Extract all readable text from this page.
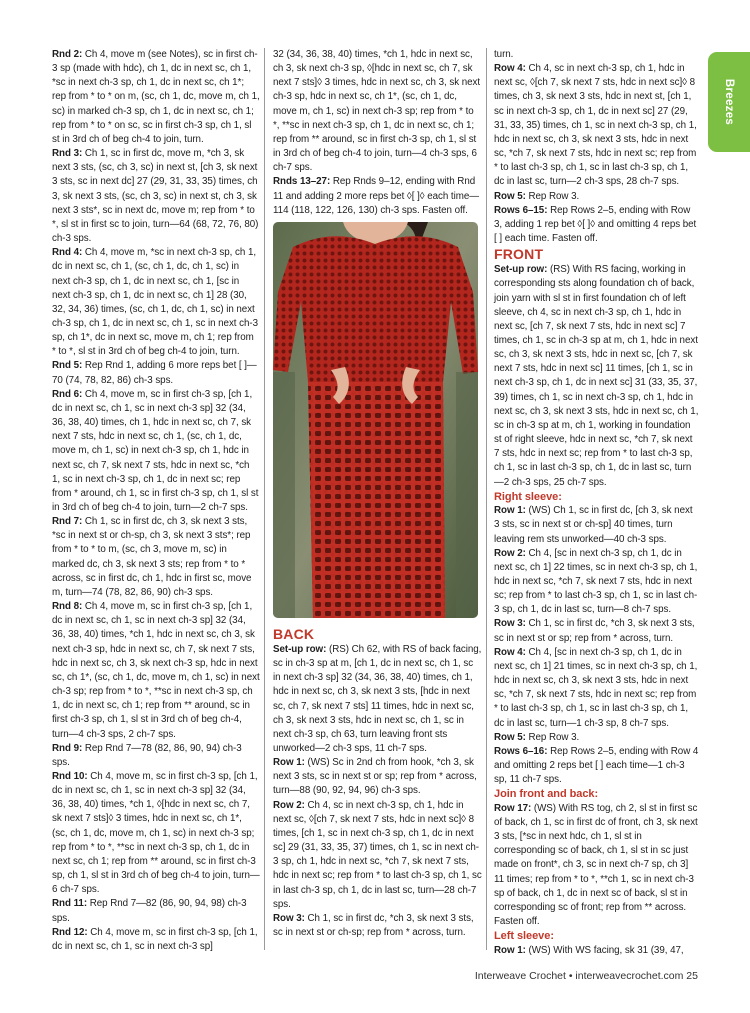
Breezes

Rnd 2: Ch 4, move m (see Notes), sc in first ch-3 sp (made with hdc), ch 1, dc in next sc, ch 1, *sc in next ch-3 sp, ch 1, dc in next sc, ch 1*; rep from * to * on m, (sc, ch 1, dc, move m, ch 1, sc) in marked ch-3 sp, ch 1, dc in next sc, ch 1; rep from * to * on sc, sc in first ch-3 sp, ch 1, sl st in 3rd ch of beg ch-4 to join, turn.

Rnd 3: Ch 1, sc in first dc, move m, *ch 3, sk next 3 sts, (sc, ch 3, sc) in next st, [ch 3, sk next 3 sts, sc in next dc] 27 (29, 31, 33, 35) times, ch 3, sk next 3 sts, (sc, ch 3, sc) in next st, ch 3, sk next 3 sts*, sc in next dc, move m; rep from * to *, sl st in first sc to join, turn—64 (68, 72, 76, 80) ch-3 sps.

Rnd 4: Ch 4, move m, *sc in next ch-3 sp, ch 1, dc in next sc, ch 1, (sc, ch 1, dc, ch 1, sc) in next ch-3 sp, ch 1, dc in next sc, ch 1, [sc in next ch-3 sp, ch 1, dc in next sc, ch 1] 28 (30, 32, 34, 36) times, (sc, ch 1, dc, ch 1, sc) in next ch-3 sp, ch 1, dc in next sc, ch 1, sc in next ch-3 sp, ch 1*, dc in next sc, move m, ch 1; rep from * to *, sl st in 3rd ch of beg ch-4 to join, turn.

Rnd 5: Rep Rnd 1, adding 6 more reps bet [ ]—70 (74, 78, 82, 86) ch-3 sps.

Rnd 6: Ch 4, move m, sc in first ch-3 sp, [ch 1, dc in next sc, ch 1, sc in next ch-3 sp] 32 (34, 36, 38, 40) times, ch 1, hdc in next sc, ch 7, sk next 7 sts, hdc in next sc, ch 1, (sc, ch 1, dc, move m, ch 1, sc) in next ch-3 sp, ch 1, hdc in next sc, ch 7, sk next 7 sts, hdc in next sc, *ch 1, sc in next ch-3 sp, ch 1, dc in next sc; rep from * around, ch 1, sc in first ch-3 sp, ch 1, sl st in 3rd ch of beg ch-4 to join, turn—2 ch-7 sps.

Rnd 7: Ch 1, sc in first dc, ch 3, sk next 3 sts, *sc in next st or ch-sp, ch 3, sk next 3 sts*; rep from * to * to m, (sc, ch 3, move m, sc) in marked dc, ch 3, sk next 3 sts; rep from * to * across, sc in first dc, ch 1, hdc in first sc, move m, turn—74 (78, 82, 86, 90) ch-3 sps.

Rnd 8: Ch 4, move m, sc in first ch-3 sp, [ch 1, dc in next sc, ch 1, sc in next ch-3 sp] 32 (34, 36, 38, 40) times, *ch 1, hdc in next sc, ch 3, sk next ch-3 sp, hdc in next sc, ch 7, sk next 7 sts, hdc in next sc, ch 3, sk next ch-3 sp, hdc in next sc, ch 1*, (sc, ch 1, dc, move m, ch 1, sc) in next ch-3 sp; rep from * to *, **sc in next ch-3 sp, ch 1, dc in next sc, ch 1; rep from ** around, sc in first ch-3 sp, ch 1, sl st in 3rd ch of beg ch-4, turn—4 ch-3 sps, 2 ch-7 sps.

Rnd 9: Rep Rnd 7—78 (82, 86, 90, 94) ch-3 sps.

Rnd 10: Ch 4, move m, sc in first ch-3 sp, [ch 1, dc in next sc, ch 1, sc in next ch-3 sp] 32 (34, 36, 38, 40) times, *ch 1, ◊[hdc in next sc, ch 7, sk next 7 sts]◊ 3 times, hdc in next sc, ch 1*, (sc, ch 1, dc, move m, ch 1, sc) in next ch-3 sp; rep from * to *, **sc in next ch-3 sp, ch 1, dc in next sc, ch 1; rep from ** around, sc in first ch-3 sp, ch 1, sl st in 3rd ch of beg ch-4 to join, turn—6 ch-7 sps.

Rnd 11: Rep Rnd 7—82 (86, 90, 94, 98) ch-3 sps.

Rnd 12: Ch 4, move m, sc in first ch-3 sp, [ch 1, dc in next sc, ch 1, sc in next ch-3 sp]

32 (34, 36, 38, 40) times, *ch 1, hdc in next sc, ch 3, sk next ch-3 sp, ◊[hdc in next sc, ch 7, sk next 7 sts]◊ 3 times, hdc in next sc, ch 3, sk next ch-3 sp, hdc in next sc, ch 1*, (sc, ch 1, dc, move m, ch 1, sc) in next ch-3 sp; rep from * to *, **sc in next ch-3 sp, ch 1, dc in next sc, ch 1; rep from ** around, sc in first ch-3 sp, ch 1, sl st in 3rd ch of beg ch-4 to join, turn—4 ch-3 sps, 6 ch-7 sps.

Rnds 13–27: Rep Rnds 9–12, ending with Rnd 11 and adding 2 more reps bet ◊[ ]◊ each time—114 (118, 122, 126, 130) ch-3 sps. Fasten off.

BACK

Set-up row: (RS) Ch 62, with RS of back facing, sc in ch-3 sp at m, [ch 1, dc in next sc, ch 1, sc in next ch-3 sp] 32 (34, 36, 38, 40) times, ch 1, hdc in next sc, ch 3, sk next 3 sts, [hdc in next sc, ch 7, sk next 7 sts] 11 times, hdc in next sc, ch 3, sk next 3 sts, hdc in next sc, ch 1, sc in next ch-3 sp, ch 63, turn leaving front sts unworked—2 ch-3 sps, 11 ch-7 sps.

Row 1: (WS) Sc in 2nd ch from hook, *ch 3, sk next 3 sts, sc in next st or sp; rep from * across, turn—88 (90, 92, 94, 96) ch-3 sps.

Row 2: Ch 4, sc in next ch-3 sp, ch 1, hdc in next sc, ◊[ch 7, sk next 7 sts, hdc in next sc]◊ 8 times, [ch 1, sc in next ch-3 sp, ch 1, dc in next sc] 29 (31, 33, 35, 37) times, ch 1, sc in next ch-3 sp, ch 1, hdc in next sc, *ch 7, sk next 7 sts, hdc in next sc; rep from * to last ch-3 sp, ch 1, sc in last ch-3 sp, ch 1, dc in last sc, turn—28 ch-7 sps.

Row 3: Ch 1, sc in first dc, *ch 3, sk next 3 sts, sc in next st or ch-sp; rep from * across, turn.

turn.

Row 4: Ch 4, sc in next ch-3 sp, ch 1, hdc in next sc, ◊[ch 7, sk next 7 sts, hdc in next sc]◊ 8 times, ch 3, sk next 3 sts, hdc in next st, [ch 1, sc in next ch-3 sp, ch 1, dc in next sc] 27 (29, 31, 33, 35) times, ch 1, sc in next ch-3 sp, ch 1, hdc in next sc, ch 3, sk next 3 sts, hdc in next sc, *ch 7, sk next 7 sts, hdc in next sc; rep from * to last ch-3 sp, ch 1, sc in last ch-3 sp, ch 1, dc in last sc, turn—2 ch-3 sps, 28 ch-7 sps.

Row 5: Rep Row 3.

Rows 6–15: Rep Rows 2–5, ending with Row 3, adding 1 rep bet ◊[ ]◊ and omitting 4 reps bet [ ] each time. Fasten off.

FRONT

Set-up row: (RS) With RS facing, working in corresponding sts along foundation ch of back, join yarn with sl st in first foundation ch of left sleeve, ch 4, sc in next ch-3 sp, ch 1, hdc in next sc, [ch 7, sk next 7 sts, hdc in next sc] 7 times, ch 1, sc in ch-3 sp at m, ch 1, hdc in next sc, ch 3, sk next 3 sts, hdc in next sc, [ch 7, sk next 7 sts, hdc in next sc] 11 times, [ch 1, sc in next ch-3 sp, ch 1, dc in next sc] 31 (33, 35, 37, 39) times, ch 1, sc in next ch-3 sp, ch 1, hdc in next sc, ch 3, sk next 3 sts, hdc in next sc, ch 1, sc in ch-3 sp at m, ch 1, working in foundation st of right sleeve, hdc in next sc, *ch 7, sk next 7 sts, hdc in next sc; rep from * to last ch-3 sp, ch 1, sc in last ch-3 sp, ch 1, dc in last sc, turn—2 ch-3 sps, 25 ch-7 sps.

Right sleeve:

Row 1: (WS) Ch 1, sc in first dc, [ch 3, sk next 3 sts, sc in next st or ch-sp] 40 times, turn leaving rem sts unworked—40 ch-3 sps.

Row 2: Ch 4, [sc in next ch-3 sp, ch 1, dc in next sc, ch 1] 22 times, sc in next ch-3 sp, ch 1, hdc in next sc, *ch 7, sk next 7 sts, hdc in next sc; rep from * to last ch-3 sp, ch 1, sc in last ch-3 sp, ch 1, dc in last sc, turn—8 ch-7 sps.

Row 3: Ch 1, sc in first dc, *ch 3, sk next 3 sts, sc in next st or sp; rep from * across, turn.

Row 4: Ch 4, [sc in next ch-3 sp, ch 1, dc in next sc, ch 1] 21 times, sc in next ch-3 sp, ch 1, hdc in next sc, ch 3, sk next 3 sts, hdc in next sc, *ch 7, sk next 7 sts, hdc in next sc; rep from * to last ch-3 sp, ch 1, sc in last ch-3 sp, ch 1, dc in last sc, turn—1 ch-3 sp, 8 ch-7 sps.

Row 5: Rep Row 3.

Rows 6–16: Rep Rows 2–5, ending with Row 4 and omitting 2 reps bet [ ] each time—1 ch-3 sp, 11 ch-7 sps.

Join front and back:

Row 17: (WS) With RS tog, ch 2, sl st in first sc of back, ch 1, sc in first dc of front, ch 3, sk next 3 sts, [*sc in next hdc, ch 1, sl st in corresponding sc of back, ch 1, sl st in sc just made on front*, ch 3, sc in next ch-7 sp, ch 3] 11 times; rep from * to *, **ch 1, sc in next ch-3 sp of back, ch 1, dc in next sc of back, sl st in corresponding sc of front; rep from ** across. Fasten off.

Left sleeve:

Row 1: (WS) With WS facing, sk 31 (39, 47,

Interweave Crochet • interweavecrochet.com 25
